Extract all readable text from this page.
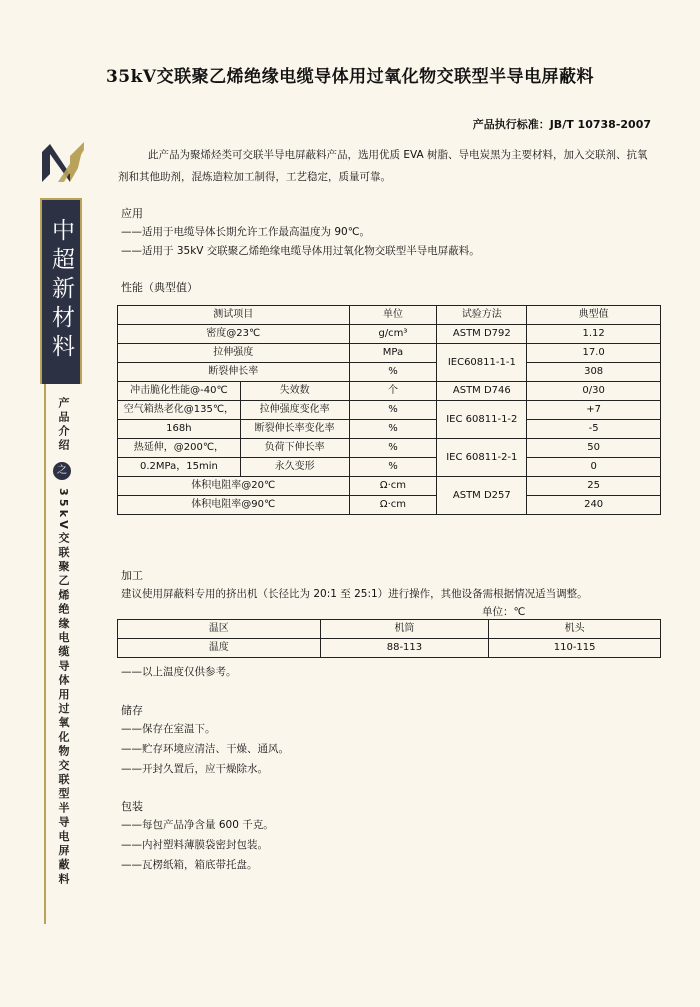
35kV交联聚乙烯绝缘电缆导体用过氧化物交联型半导电屏蔽料
产品执行标准：JB/T 10738-2007
中超新材料
产品介绍
之
35kV交联聚乙烯绝缘电缆导体用过氧化物交联型半导电屏蔽料
此产品为聚烯烃类可交联半导电屏蔽料产品，选用优质 EVA 树脂、导电炭黑为主要材料，加入交联剂、抗氧剂和其他助剂，混炼造粒加工制得，工艺稳定，质量可靠。
应用
——适用于电缆导体长期允许工作最高温度为 90℃。
——适用于 35kV 交联聚乙烯绝缘电缆导体用过氧化物交联型半导电屏蔽料。
性能（典型值）
测试项目		单位	试验方法	典型值
密度@23℃		g/cm³	ASTM D792	1.12
拉伸强度		MPa	IEC60811-1-1	17.0
断裂伸长率		%		308
冲击脆化性能@-40℃	失效数	个	ASTM D746	0/30
空气箱热老化@135℃，	拉伸强度变化率	%	IEC 60811-1-2	+7
168h	断裂伸长率变化率	%		-5
热延伸，@200℃，	负荷下伸长率	%	IEC 60811-2-1	50
0.2MPa，15min	永久变形	%		0
体积电阻率@20℃		Ω·cm	ASTM D257	25
体积电阻率@90℃		Ω·cm		240
加工
建议使用屏蔽料专用的挤出机（长径比为 20:1 至 25:1）进行操作，其他设备需根据情况适当调整。
单位：℃
温区	机筒	机头
温度	88-113	110-115
——以上温度仅供参考。
储存
——保存在室温下。
——贮存环境应清洁、干燥、通风。
——开封久置后，应干燥除水。
包装
——每包产品净含量 600 千克。
——内衬塑料薄膜袋密封包装。
——瓦楞纸箱，箱底带托盘。
